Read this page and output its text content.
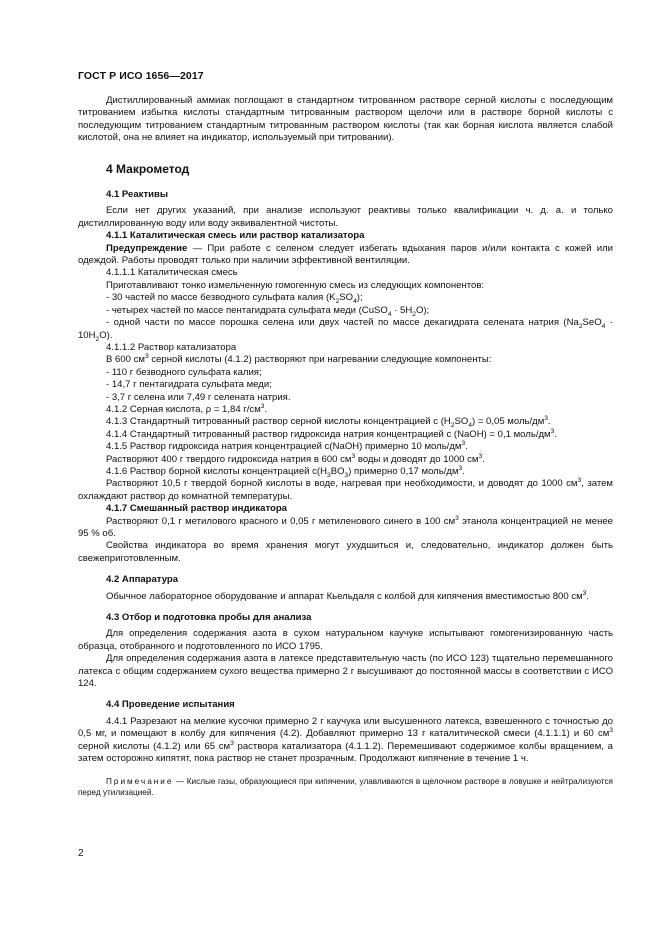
ГОСТ Р ИСО 1656—2017

Дистиллированный аммиак поглощают в стандартном титрованном растворе серной кислоты с последующим титрованием избытка кислоты стандартным титрованным раствором щелочи или в растворе борной кислоты с последующим титрованием стандартным титрованным раствором кислоты (так как борная кислота является слабой кислотой, она не влияет на индикатор, используемый при титровании).

4 Макрометод
4.1 Реактивы

Если нет других указаний, при анализе используют реактивы только квалификации ч. д. а. и только дистиллированную воду или воду эквивалентной чистоты.

4.1.1 Каталитическая смесь или раствор катализатора

Предупреждение — При работе с селеном следует избегать вдыхания паров и/или контакта с кожей или одеждой. Работы проводят только при наличии эффективной вентиляции.

4.1.1.1 Каталитическая смесь

Приготавливают тонко измельченную гомогенную смесь из следующих компонентов:

- 30 частей по массе безводного сульфата калия $(K_2SO_4)$;

- четырех частей по массе пентагидрата сульфата меди (CuSO$_4$ · $5H_2O$);

- одной части по массе порошка селена или двух частей по массе декагидрата селената натрия $(Na_2SeO_4 \cdot 10H_2O)$.

4.1.1.2 Раствор катализатора

В 600 $см^3$ серной кислоты (4.1.2) растворяют при нагревании следующие компоненты:

- 110 г безводного сульфата калия;

- 14,7 г пентагидрата сульфата меди;

- 3,7 г селена или 7,49 г селената натрия.

4.1.2 Серная кислота, ρ = 1,84 $г/см^3$.

4.1.3 Стандартный титрованный раствор серной кислоты концентрацией c $(H_2SO_4) = 0,05$ моль/$дм^3$.

4.1.4 Стандартный титрованный раствор гидроксида натрия концентрацией c (NaOH) = 0,1 моль/$дм^3$.

4.1.5 Раствор гидроксида натрия концентрацией c(NaOH) примерно 10 моль/$дм^3$.

Растворяют 400 г твердого гидроксида натрия в 600 $см^3$ воды и доводят до 1000 $см^3$.

4.1.6 Раствор борной кислоты концентрацией $c(H_3BO_3)$ примерно 0,17 моль/$дм^3$.

Растворяют 10,5 г твердой борной кислоты в воде, нагревая при необходимости, и доводят до 1000 $см^3$, затем охлаждают раствор до комнатной температуры.

4.1.7 Смешанный раствор индикатора

Растворяют 0,1 г метилового красного и 0,05 г метиленового синего в 100 $см^3$ этанола концентрацией не менее 95 % об.

Свойства индикатора во время хранения могут ухудшиться и, следовательно, индикатор должен быть свежеприготовленным.

4.2 Аппаратура

Обычное лабораторное оборудование и аппарат Кьельдаля с колбой для кипячения вместимостью 800 $см^3$.

4.3 Отбор и подготовка пробы для анализа

Для определения содержания азота в сухом натуральном каучуке испытывают гомогенизированную часть образца, отобранного и подготовленного по ИСО 1795.

Для определения содержания азота в латексе представительную часть (по ИСО 123) тщательно перемешанного латекса с общим содержанием сухого вещества примерно 2 г высушивают до постоянной массы в соответствии с ИСО 124.

4.4 Проведение испытания

4.4.1 Разрезают на мелкие кусочки примерно 2 г каучука или высушенного латекса, взвешенного с точностью до 0,5 мг, и помещают в колбу для кипячения (4.2). Добавляют примерно 13 г каталитической смеси (4.1.1.1) и 60 $см^3$ серной кислоты (4.1.2) или 65 $см^3$ раствора катализатора (4.1.1.2). Перемешивают содержимое колбы вращением, а затем осторожно кипятят, пока раствор не станет прозрачным. Продолжают кипячение в течение 1 ч.

Примечание — Кислые газы, образующиеся при кипячении, улавливаются в щелочном растворе в ловушке и нейтрализуются перед утилизацией.

2
